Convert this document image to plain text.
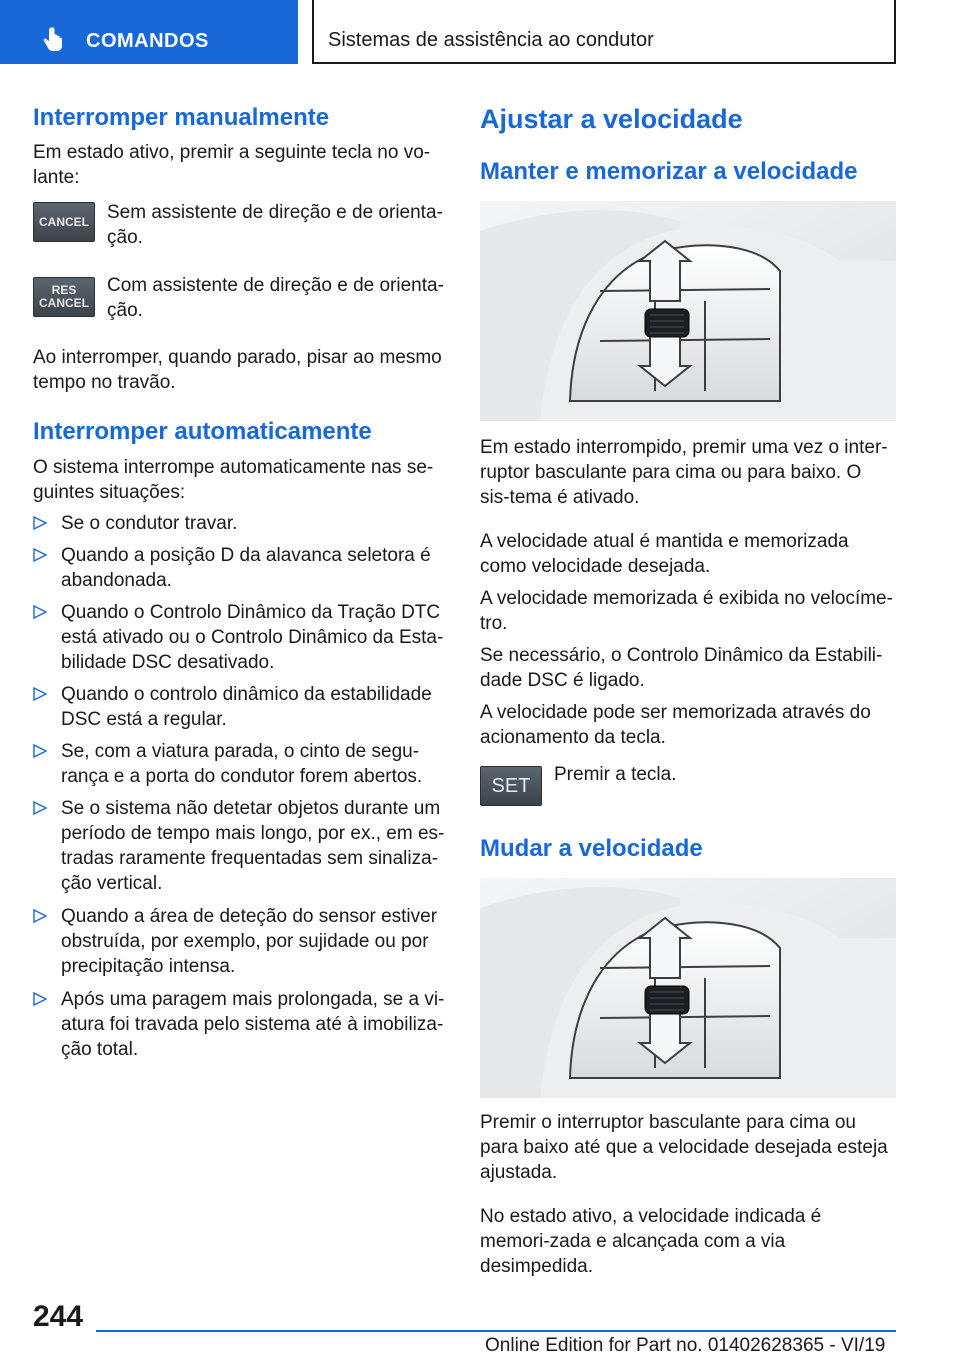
COMANDOS	Sistemas de assistência ao condutor
Interromper manualmente
Em estado ativo, premir a seguinte tecla no vo-lante:
CANCEL Sem assistente de direção e de orienta-ção.
RES
CANCEL
Com assistente de direção e de orienta-ção.
Ao interromper, quando parado, pisar ao mesmo tempo no travão.
Interromper automaticamente
O sistema interrompe automaticamente nas se-guintes situações:
Se o condutor travar.
Quando a posição D da alavanca seletora é abandonada.
Quando o Controlo Dinâmico da Tração DTC está ativado ou o Controlo Dinâmico da Esta-bilidade DSC desativado.
Quando o controlo dinâmico da estabilidade DSC está a regular.
Se, com a viatura parada, o cinto de segu-rança e a porta do condutor forem abertos.
Se o sistema não detetar objetos durante um período de tempo mais longo, por ex., em es-tradas raramente frequentadas sem sinaliza-ção vertical.
Quando a área de deteção do sensor estiver obstruída, por exemplo, por sujidade ou por precipitação intensa.
Após uma paragem mais prolongada, se a vi-atura foi travada pelo sistema até à imobiliza-ção total.
Ajustar a velocidade
Manter e memorizar a velocidade
Em estado interrompido, premir uma vez o inter-ruptor basculante para cima ou para baixo. O sis-tema é ativado.
A velocidade atual é mantida e memorizada como velocidade desejada.
A velocidade memorizada é exibida no velocíme-tro.
Se necessário, o Controlo Dinâmico da Estabili-dade DSC é ligado.
A velocidade pode ser memorizada através do acionamento da tecla.
SET Premir a tecla.
Mudar a velocidade
Premir o interruptor basculante para cima ou para baixo até que a velocidade desejada esteja ajustada.
No estado ativo, a velocidade indicada é memori-zada e alcançada com a via desimpedida.
244
Online Edition for Part no. 01402628365 - VI/19
